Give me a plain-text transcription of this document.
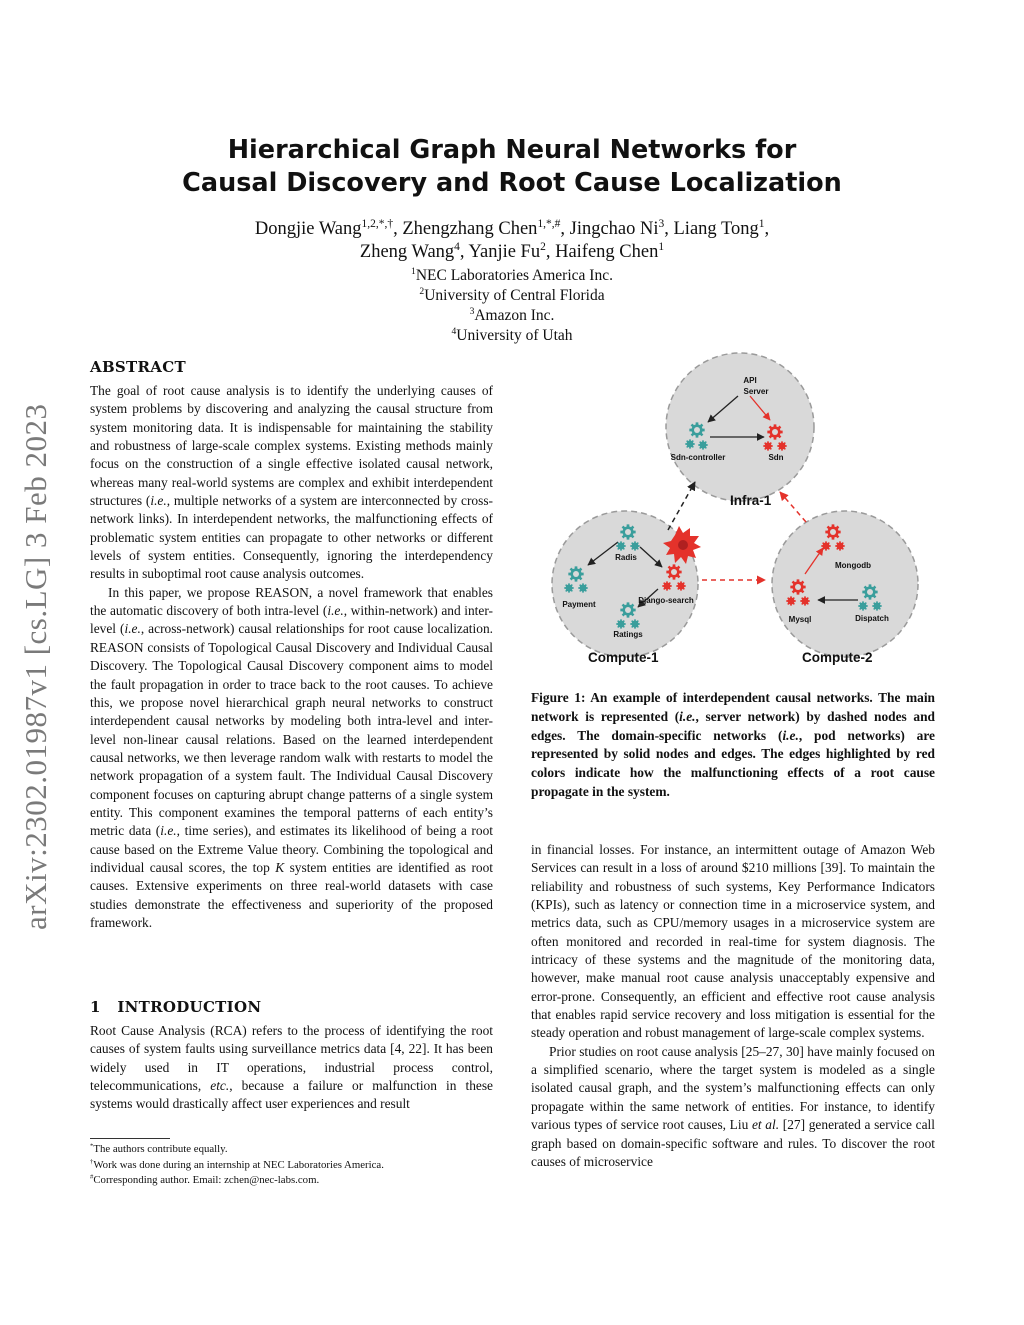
arXiv:2302.01987v1 [cs.LG] 3 Feb 2023
Hierarchical Graph Neural Networks for
Causal Discovery and Root Cause Localization
Dongjie Wang$^{1,2,*,\dagger}$, Zhengzhang Chen$^{1,*,\#}$, Jingchao Ni$^3$, Liang Tong$^1$,
Zheng Wang$^4$, Yanjie Fu$^2$, Haifeng Chen$^1$
$^1$NEC Laboratories America Inc.
$^2$University of Central Florida
$^3$Amazon Inc.
$^4$University of Utah
ABSTRACT
The goal of root cause analysis is to identify the underlying causes of system problems by discovering and analyzing the causal structure from system monitoring data. It is indispensable for maintaining the stability and robustness of large-scale complex systems. Existing methods mainly focus on the construction of a single effective isolated causal network, whereas many real-world systems are complex and exhibit interdependent structures (i.e., multiple networks of a system are interconnected by cross-network links). In interdependent networks, the malfunctioning effects of problematic system entities can propagate to other networks or different levels of system entities. Consequently, ignoring the interdependency results in suboptimal root cause analysis outcomes.
In this paper, we propose REASON, a novel framework that enables the automatic discovery of both intra-level (i.e., within-network) and inter-level (i.e., across-network) causal relationships for root cause localization. REASON consists of Topological Causal Discovery and Individual Causal Discovery. The Topological Causal Discovery component aims to model the fault propagation in order to trace back to the root causes. To achieve this, we propose novel hierarchical graph neural networks to construct interdependent causal networks by modeling both intra-level and inter-level non-linear causal relations. Based on the learned interdependent causal networks, we then leverage random walk with restarts to model the network propagation of a system fault. The Individual Causal Discovery component focuses on capturing abrupt change patterns of a single system entity. This component examines the temporal patterns of each entity’s metric data (i.e., time series), and estimates its likelihood of being a root cause based on the Extreme Value theory. Combining the topological and individual causal scores, the top K system entities are identified as root causes. Extensive experiments on three real-world datasets with case studies demonstrate the effectiveness and superiority of the proposed framework.
1 INTRODUCTION
Root Cause Analysis (RCA) refers to the process of identifying the root causes of system faults using surveillance metrics data [4, 22]. It has been widely used in IT operations, industrial process control, telecommunications, etc., because a failure or malfunction in these systems would drastically affect user experiences and result
*The authors contribute equally.
†Work was done during an internship at NEC Laboratories America.
#Corresponding author. Email: zchen@nec-labs.com.
Infra-1
Compute-1	Compute-2
API
Server
Sdn-controller	Sdn
Radis
Payment	Django-search
Ratings
Mongodb
Mysql	Dispatch
Figure 1: An example of interdependent causal networks. The main network is represented (i.e., server network) by dashed nodes and edges. The domain-specific networks (i.e., pod networks) are represented by solid nodes and edges. The edges highlighted by red colors indicate how the malfunctioning effects of a root cause propagate in the system.
in financial losses. For instance, an intermittent outage of Amazon Web Services can result in a loss of around $210 millions [39]. To maintain the reliability and robustness of such systems, Key Performance Indicators (KPIs), such as latency or connection time in a microservice system, and metrics data, such as CPU/memory usages in a microservice system are often monitored and recorded in real-time for system diagnosis. The intricacy of these systems and the magnitude of the monitoring data, however, make manual root cause analysis unacceptably expensive and error-prone. Consequently, an efficient and effective root cause analysis that enables rapid service recovery and loss mitigation is essential for the steady operation and robust management of large-scale complex systems.
Prior studies on root cause analysis [25–27, 30] have mainly focused on a simplified scenario, where the target system is modeled as a single isolated causal graph, and the system’s malfunctioning effects can only propagate within the same network of entities. For instance, to identify various types of service root causes, Liu et al. [27] generated a service call graph based on domain-specific software and rules. To discover the root causes of microservice
